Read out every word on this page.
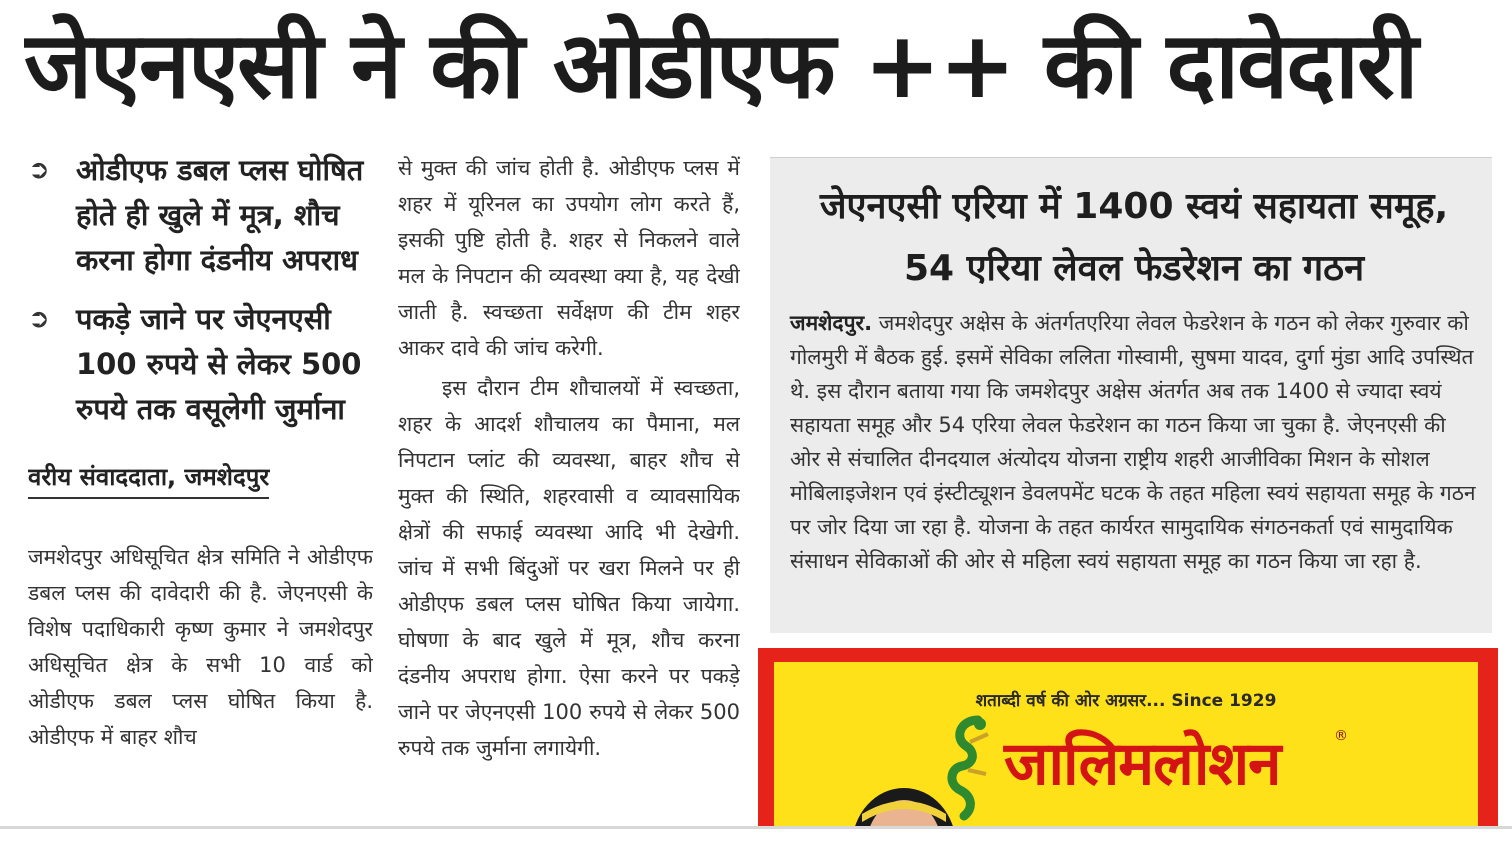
जेएनएसी ने की ओडीएफ ++ की दावेदारी
➲ ओडीएफ डबल प्लस घोषित होते ही खुले में मूत्र, शौच करना होगा दंडनीय अपराध
➲ पकड़े जाने पर जेएनएसी 100 रुपये से लेकर 500 रुपये तक वसूलेगी जुर्माना
वरीय संवाददाता, जमशेदपुर

जमशेदपुर अधिसूचित क्षेत्र समिति ने ओडीएफ डबल प्लस की दावेदारी की है. जेएनएसी के विशेष पदाधिकारी कृष्ण कुमार ने जमशेदपुर अधिसूचित क्षेत्र के सभी 10 वार्ड को ओडीएफ डबल प्लस घोषित किया है. ओडीएफ में बाहर शौच

से मुक्त की जांच होती है. ओडीएफ प्लस में शहर में यूरिनल का उपयोग लोग करते हैं, इसकी पुष्टि होती है. शहर से निकलने वाले मल के निपटान की व्यवस्था क्या है, यह देखी जाती है. स्वच्छता सर्वेक्षण की टीम शहर आकर दावे की जांच करेगी.

इस दौरान टीम शौचालयों में स्वच्छता, शहर के आदर्श शौचालय का पैमाना, मल निपटान प्लांट की व्यवस्था, बाहर शौच से मुक्त की स्थिति, शहरवासी व व्यावसायिक क्षेत्रों की सफाई व्यवस्था आदि भी देखेगी. जांच में सभी बिंदुओं पर खरा मिलने पर ही ओडीएफ डबल प्लस घोषित किया जायेगा. घोषणा के बाद खुले में मूत्र, शौच करना दंडनीय अपराध होगा. ऐसा करने पर पकड़े जाने पर जेएनएसी 100 रुपये से लेकर 500 रुपये तक जुर्माना लगायेगी.

जेएनएसी एरिया में 1400 स्वयं सहायता समूह, 54 एरिया लेवल फेडरेशन का गठन

जमशेदपुर. जमशेदपुर अक्षेस के अंतर्गतएरिया लेवल फेडरेशन के गठन को लेकर गुरुवार को गोलमुरी में बैठक हुई. इसमें सेविका ललिता गोस्वामी, सुषमा यादव, दुर्गा मुंडा आदि उपस्थित थे. इस दौरान बताया गया कि जमशेदपुर अक्षेस अंतर्गत अब तक 1400 से ज्यादा स्वयं सहायता समूह और 54 एरिया लेवल फेडरेशन का गठन किया जा चुका है. जेएनएसी की ओर से संचालित दीनदयाल अंत्योदय योजना राष्ट्रीय शहरी आजीविका मिशन के सोशल मोबिलाइजेशन एवं इंस्टीट्यूशन डेवलपमेंट घटक के तहत महिला स्वयं सहायता समूह के गठन पर जोर दिया जा रहा है. योजना के तहत कार्यरत सामुदायिक संगठनकर्ता एवं सामुदायिक संसाधन सेविकाओं की ओर से महिला स्वयं सहायता समूह का गठन किया जा रहा है.

शताब्दी वर्ष की ओर अग्रसर... Since 1929
जालिमलोशन	®
